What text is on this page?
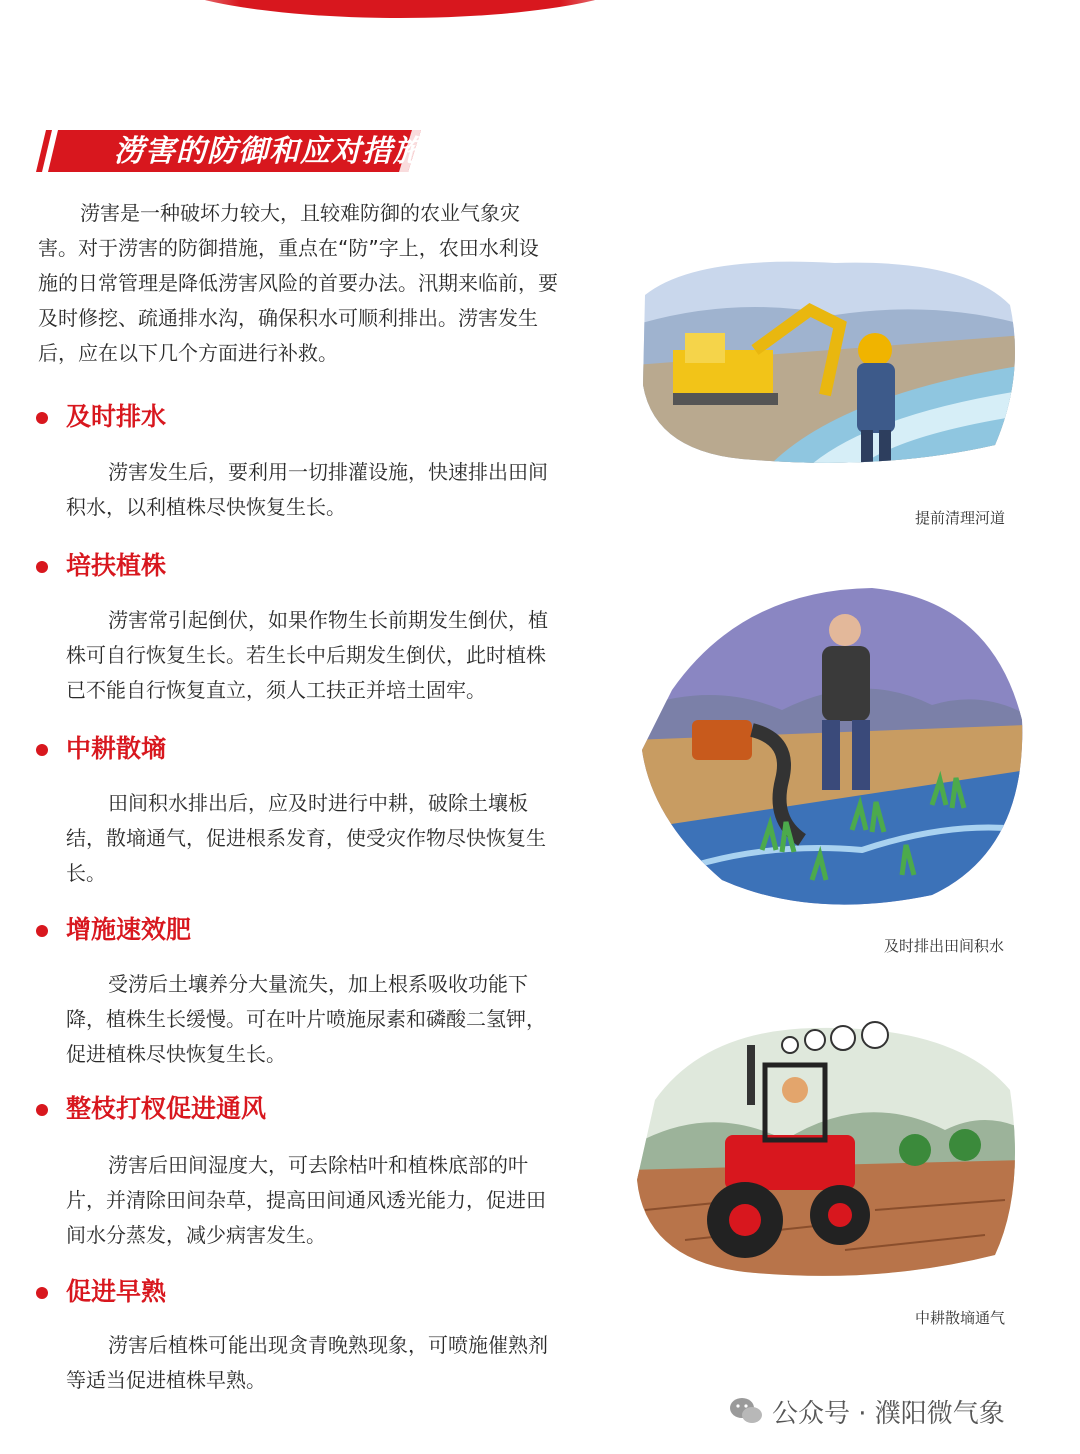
涝害的防御和应对措施

涝害是一种破坏力较大，且较难防御的农业气象灾害。对于涝害的防御措施，重点在“防”字上，农田水利设施的日常管理是降低涝害风险的首要办法。汛期来临前，要及时修挖、疏通排水沟，确保积水可顺利排出。涝害发生后，应在以下几个方面进行补救。

及时排水

涝害发生后，要利用一切排灌设施，快速排出田间积水，以利植株尽快恢复生长。

培扶植株

涝害常引起倒伏，如果作物生长前期发生倒伏，植株可自行恢复生长。若生长中后期发生倒伏，此时植株已不能自行恢复直立，须人工扶正并培土固牢。

中耕散墒

田间积水排出后，应及时进行中耕，破除土壤板结，散墒通气，促进根系发育，使受灾作物尽快恢复生长。

增施速效肥

受涝后土壤养分大量流失，加上根系吸收功能下降，植株生长缓慢。可在叶片喷施尿素和磷酸二氢钾，促进植株尽快恢复生长。

整枝打杈促进通风

涝害后田间湿度大，可去除枯叶和植株底部的叶片，并清除田间杂草，提高田间通风透光能力，促进田间水分蒸发，减少病害发生。

促进早熟

涝害后植株可能出现贪青晚熟现象，可喷施催熟剂等适当促进植株早熟。

提前清理河道
及时排出田间积水
中耕散墒通气
公众号 · 濮阳微气象
